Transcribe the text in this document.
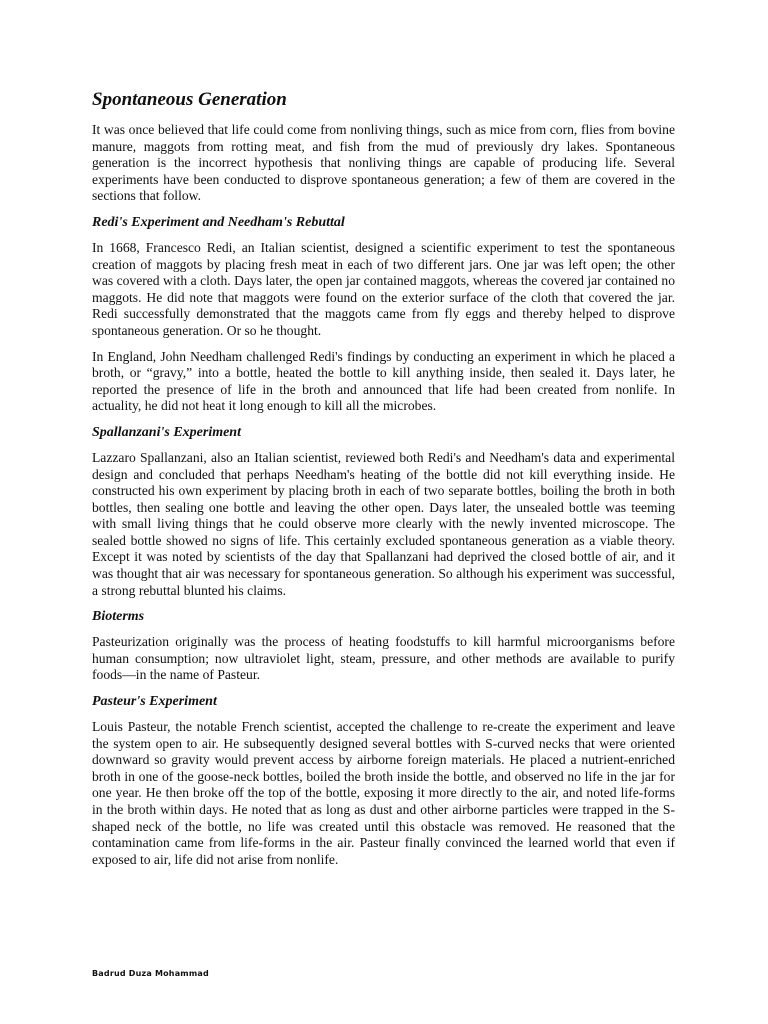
Spontaneous Generation

It was once believed that life could come from nonliving things, such as mice from corn, flies from bovine manure, maggots from rotting meat, and fish from the mud of previously dry lakes. Spontaneous generation is the incorrect hypothesis that nonliving things are capable of producing life. Several experiments have been conducted to disprove spontaneous generation; a few of them are covered in the sections that follow.

Redi's Experiment and Needham's Rebuttal

In 1668, Francesco Redi, an Italian scientist, designed a scientific experiment to test the spontaneous creation of maggots by placing fresh meat in each of two different jars. One jar was left open; the other was covered with a cloth. Days later, the open jar contained maggots, whereas the covered jar contained no maggots. He did note that maggots were found on the exterior surface of the cloth that covered the jar. Redi successfully demonstrated that the maggots came from fly eggs and thereby helped to disprove spontaneous generation. Or so he thought.

In England, John Needham challenged Redi's findings by conducting an experiment in which he placed a broth, or “gravy,” into a bottle, heated the bottle to kill anything inside, then sealed it. Days later, he reported the presence of life in the broth and announced that life had been created from nonlife. In actuality, he did not heat it long enough to kill all the microbes.

Spallanzani's Experiment

Lazzaro Spallanzani, also an Italian scientist, reviewed both Redi's and Needham's data and experimental design and concluded that perhaps Needham's heating of the bottle did not kill everything inside. He constructed his own experiment by placing broth in each of two separate bottles, boiling the broth in both bottles, then sealing one bottle and leaving the other open. Days later, the unsealed bottle was teeming with small living things that he could observe more clearly with the newly invented microscope. The sealed bottle showed no signs of life. This certainly excluded spontaneous generation as a viable theory. Except it was noted by scientists of the day that Spallanzani had deprived the closed bottle of air, and it was thought that air was necessary for spontaneous generation. So although his experiment was successful, a strong rebuttal blunted his claims.

Bioterms

Pasteurization originally was the process of heating foodstuffs to kill harmful microorganisms before human consumption; now ultraviolet light, steam, pressure, and other methods are available to purify foods—in the name of Pasteur.

Pasteur's Experiment

Louis Pasteur, the notable French scientist, accepted the challenge to re-create the experiment and leave the system open to air. He subsequently designed several bottles with S-curved necks that were oriented downward so gravity would prevent access by airborne foreign materials. He placed a nutrient-enriched broth in one of the goose-neck bottles, boiled the broth inside the bottle, and observed no life in the jar for one year. He then broke off the top of the bottle, exposing it more directly to the air, and noted life-forms in the broth within days. He noted that as long as dust and other airborne particles were trapped in the S-shaped neck of the bottle, no life was created until this obstacle was removed. He reasoned that the contamination came from life-forms in the air. Pasteur finally convinced the learned world that even if exposed to air, life did not arise from nonlife.

Badrud Duza Mohammad
